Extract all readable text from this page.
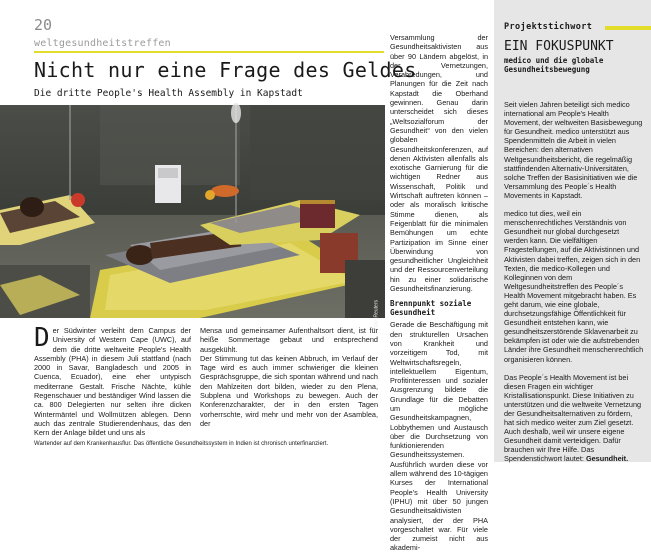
20
weltgesundheitstreffen
Nicht nur eine Frage des Geldes
Die dritte People's Health Assembly in Kapstadt
Foto: Reuters
Der Südwinter verleiht dem Campus der University of Western Cape (UWC), auf dem die dritte weltweite People's Health Assembly (PHA) in diesem Juli stattfand (nach 2000 in Savar, Bangladesch und 2005 in Cuenca, Ecuador), eine eher untypisch mediterrane Gestalt. Frische Nächte, kühle Regenschauer und beständiger Wind lassen die ca. 800 Delegierten nur selten ihre dicken Wintermäntel und Wollmützen ablegen. Denn auch das zentrale Studierendenhaus, das den Kern der Anlage bildet und uns als
Mensa und gemeinsamer Aufenthaltsort dient, ist für heiße Sommertage gebaut und entsprechend ausgekühlt.
Der Stimmung tut das keinen Abbruch, im Verlauf der Tage wird es auch immer schwieriger die kleinen Gesprächsgruppe, die sich spontan während und nach den Mahlzeiten dort bilden, wieder zu den Plena, Subplena und Workshops zu bewegen. Auch der Konferenzcharakter, der in den ersten Tagen vorherrschte, wird mehr und mehr von der Asamblea, der
Versammlung der Gesundheitsaktivisten aus über 90 Ländern abgelöst, in der Vernetzungen, Verabredungen, und Planungen für die Zeit nach Kapstadt die Oberhand gewinnen. Genau darin unterscheidet sich dieses „Weltsozialforum der Gesundheit“ von den vielen globalen Gesundheitskonferenzen, auf denen Aktivisten allenfalls als exotische Garnierung für die wichtigen Redner aus Wissenschaft, Politik und Wirtschaft auftreten können – oder als moralisch kritische Stimme dienen, als Feigenblatt für die minimalen Bemühungen um echte Partizipation im Sinne einer Überwindung von gesundheitlicher Ungleichheit und der Ressourcenverteilung hin zu einer solidarische Gesundheitsfinanzierung.
Brennpunkt soziale Gesundheit
Gerade die Beschäftigung mit den strukturellen Ursachen von Krankheit und vorzeitigem Tod, mit Weltwirtschaftsregeln, intellektuellem Eigentum, Profitinteressen und sozialer Ausgrenzung bildete die Grundlage für die Debatten um mögliche Gesundheitskampagnen, Lobbythemen und Austausch über die Durchsetzung von funktionierenden Gesundheitssystemen. Ausführlich wurden diese vor allem während des 10-tägigen Kurses der International People's Health University (IPHU) mit über 50 jungen Gesundheitsaktivisten analysiert, der der PHA vorgeschaltet war. Für viele der zumeist nicht aus akademi-
Wartender auf dem Krankenhausflur. Das öffentliche Gesundheitssystem in Indien ist chronisch unterfinanziert.
Projektstichwort
EIN FOKUSPUNKT
medico und die globale Gesundheitsbewegung

Seit vielen Jahren beteiligt sich medico international am People's Health Movement, der weltweiten Basisbewegung für Gesundheit. medico unterstützt aus Spendenmitteln die Arbeit in vielen Bereichen: den alternativen Weltgesundheitsbericht, die regelmäßig stattfindenden Alternativ-Universitäten, solche Treffen der Basisinitiativen wie die Versammlung des People´s Health Movements in Kapstadt.

medico tut dies, weil ein menschenrechtliches Verständnis von Gesundheit nur global durchgesetzt werden kann. Die vielfältigen Fragestellungen, auf die Aktivistinnen und Aktivisten dabei treffen, zeigen sich in den Texten, die medico-Kollegen und Kolleginnen von dem Weltgesundheitstreffen des People´s Health Movement mitgebracht haben. Es geht darum, wie eine globale, durchsetzungsfähige Öffentlichkeit für Gesundheit entstehen kann, wie gesundheitszerstörende Sklavenarbeit zu bekämpfen ist oder wie die aufstrebenden Länder ihre Gesundheit menschenrechtlich organisieren können.

Das People´s Health Movement ist bei diesen Fragen ein wichtiger Kristallisationspunkt. Diese Initiativen zu unterstützen und die weltweite Vernetzung der Gesundheitsalternativen zu fördern, hat sich medico weiter zum Ziel gesetzt. Auch deshalb, weil wir unsere eigene Gesundheit damit verteidigen. Dafür brauchen wir Ihre Hilfe. Das Spendenstichwort lautet: Gesundheit.
